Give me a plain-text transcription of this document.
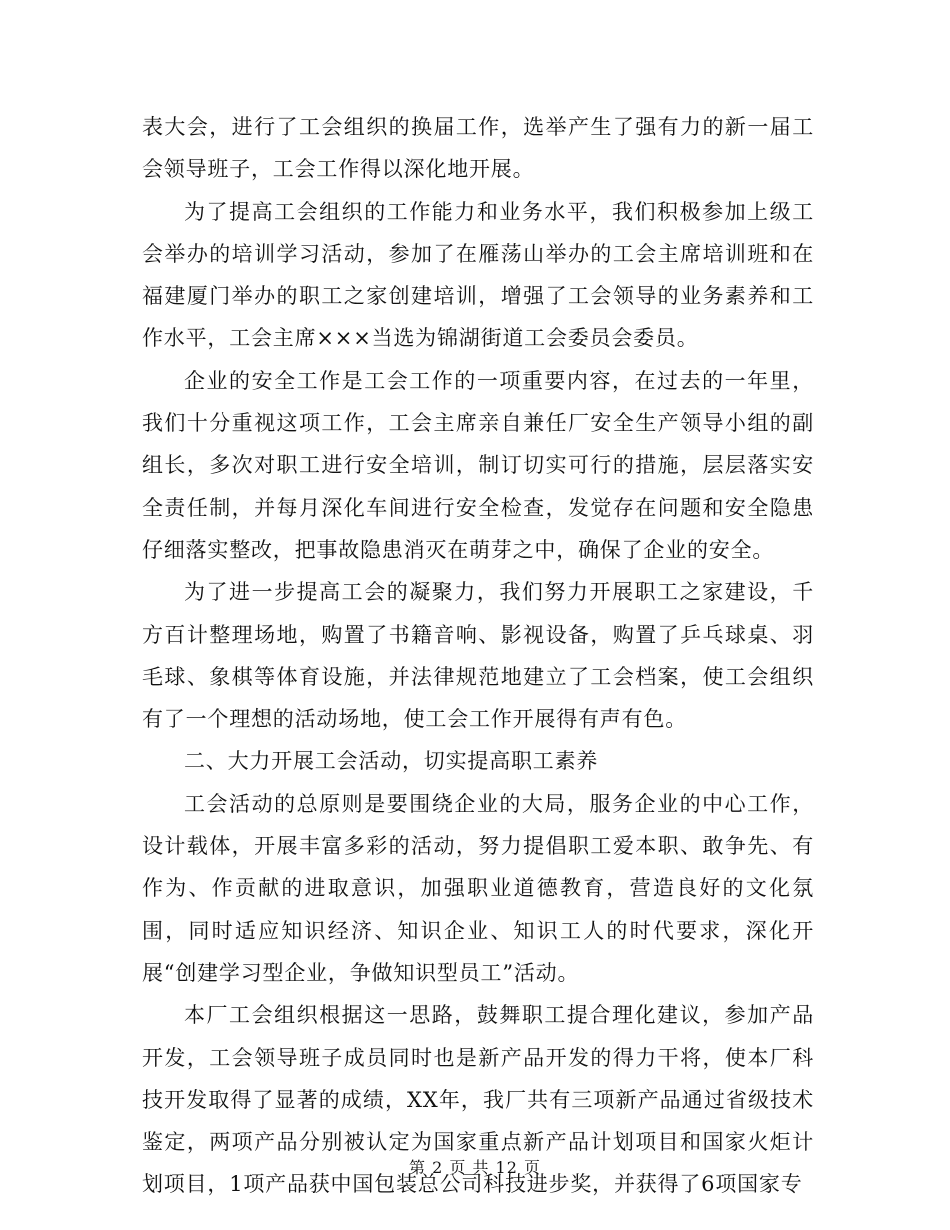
表大会，进行了工会组织的换届工作，选举产生了强有力的新一届工会领导班子，工会工作得以深化地开展。

为了提高工会组织的工作能力和业务水平，我们积极参加上级工会举办的培训学习活动，参加了在雁荡山举办的工会主席培训班和在福建厦门举办的职工之家创建培训，增强了工会领导的业务素养和工作水平，工会主席×××当选为锦湖街道工会委员会委员。

企业的安全工作是工会工作的一项重要内容，在过去的一年里，我们十分重视这项工作，工会主席亲自兼任厂安全生产领导小组的副组长，多次对职工进行安全培训，制订切实可行的措施，层层落实安全责任制，并每月深化车间进行安全检查，发觉存在问题和安全隐患仔细落实整改，把事故隐患消灭在萌芽之中，确保了企业的安全。

为了进一步提高工会的凝聚力，我们努力开展职工之家建设，千方百计整理场地，购置了书籍音响、影视设备，购置了乒乓球桌、羽毛球、象棋等体育设施，并法律规范地建立了工会档案，使工会组织有了一个理想的活动场地，使工会工作开展得有声有色。

二、大力开展工会活动，切实提高职工素养

工会活动的总原则是要围绕企业的大局，服务企业的中心工作，设计载体，开展丰富多彩的活动，努力提倡职工爱本职、敢争先、有作为、作贡献的进取意识，加强职业道德教育，营造良好的文化氛围，同时适应知识经济、知识企业、知识工人的时代要求，深化开展“创建学习型企业，争做知识型员工”活动。

本厂工会组织根据这一思路，鼓舞职工提合理化建议，参加产品开发，工会领导班子成员同时也是新产品开发的得力干将，使本厂科技开发取得了显著的成绩，XX年，我厂共有三项新产品通过省级技术鉴定，两项产品分别被认定为国家重点新产品计划项目和国家火炬计划项目，1项产品获中国包装总公司科技进步奖，并获得了6项国家专

第 2 页 共 12 页
